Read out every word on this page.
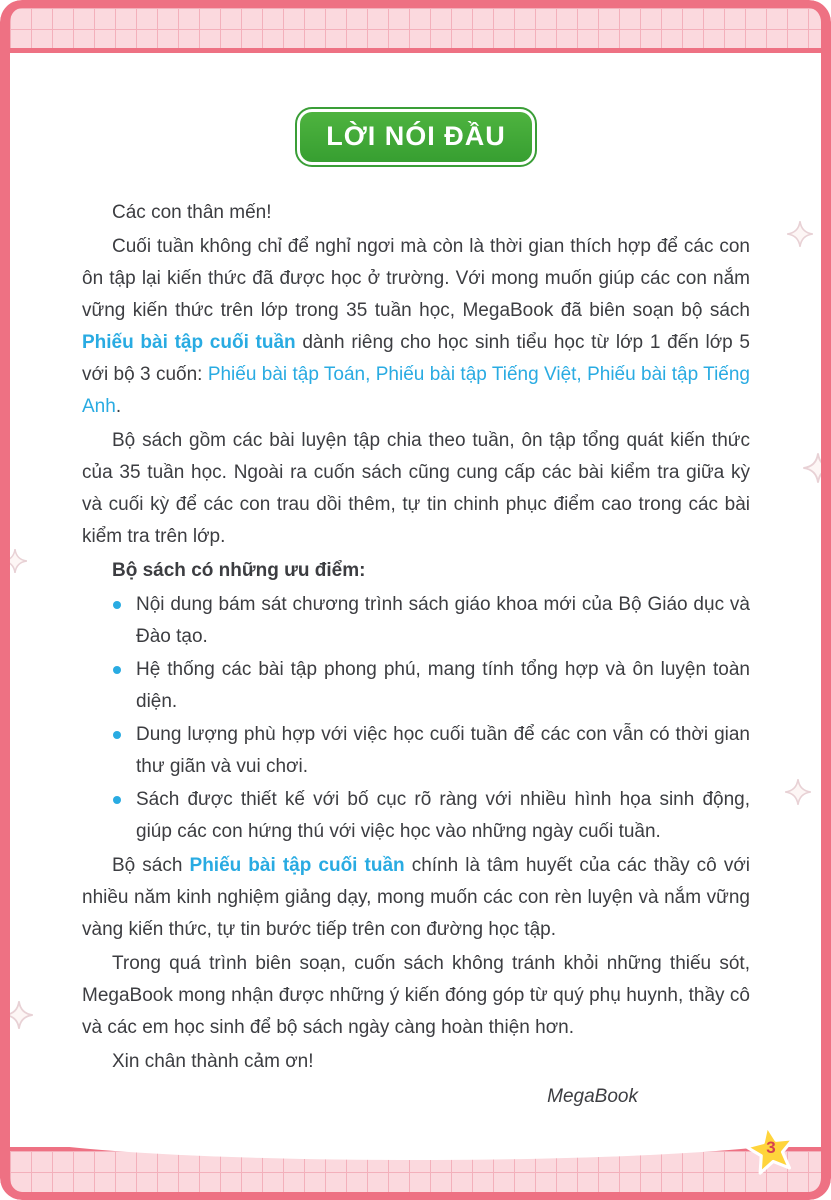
LỜI NÓI ĐẦU

Các con thân mến!

Cuối tuần không chỉ để nghỉ ngơi mà còn là thời gian thích hợp để các con ôn tập lại kiến thức đã được học ở trường. Với mong muốn giúp các con nắm vững kiến thức trên lớp trong 35 tuần học, MegaBook đã biên soạn bộ sách Phiếu bài tập cuối tuần dành riêng cho học sinh tiểu học từ lớp 1 đến lớp 5 với bộ 3 cuốn: Phiếu bài tập Toán, Phiếu bài tập Tiếng Việt, Phiếu bài tập Tiếng Anh.

Bộ sách gồm các bài luyện tập chia theo tuần, ôn tập tổng quát kiến thức của 35 tuần học. Ngoài ra cuốn sách cũng cung cấp các bài kiểm tra giữa kỳ và cuối kỳ để các con trau dồi thêm, tự tin chinh phục điểm cao trong các bài kiểm tra trên lớp.

Bộ sách có những ưu điểm:

Nội dung bám sát chương trình sách giáo khoa mới của Bộ Giáo dục và Đào tạo.
Hệ thống các bài tập phong phú, mang tính tổng hợp và ôn luyện toàn diện.
Dung lượng phù hợp với việc học cuối tuần để các con vẫn có thời gian thư giãn và vui chơi.
Sách được thiết kế với bố cục rõ ràng với nhiều hình họa sinh động, giúp các con hứng thú với việc học vào những ngày cuối tuần.

Bộ sách Phiếu bài tập cuối tuần chính là tâm huyết của các thầy cô với nhiều năm kinh nghiệm giảng dạy, mong muốn các con rèn luyện và nắm vững vàng kiến thức, tự tin bước tiếp trên con đường học tập.

Trong quá trình biên soạn, cuốn sách không tránh khỏi những thiếu sót, MegaBook mong nhận được những ý kiến đóng góp từ quý phụ huynh, thầy cô và các em học sinh để bộ sách ngày càng hoàn thiện hơn.

Xin chân thành cảm ơn!

MegaBook

3
